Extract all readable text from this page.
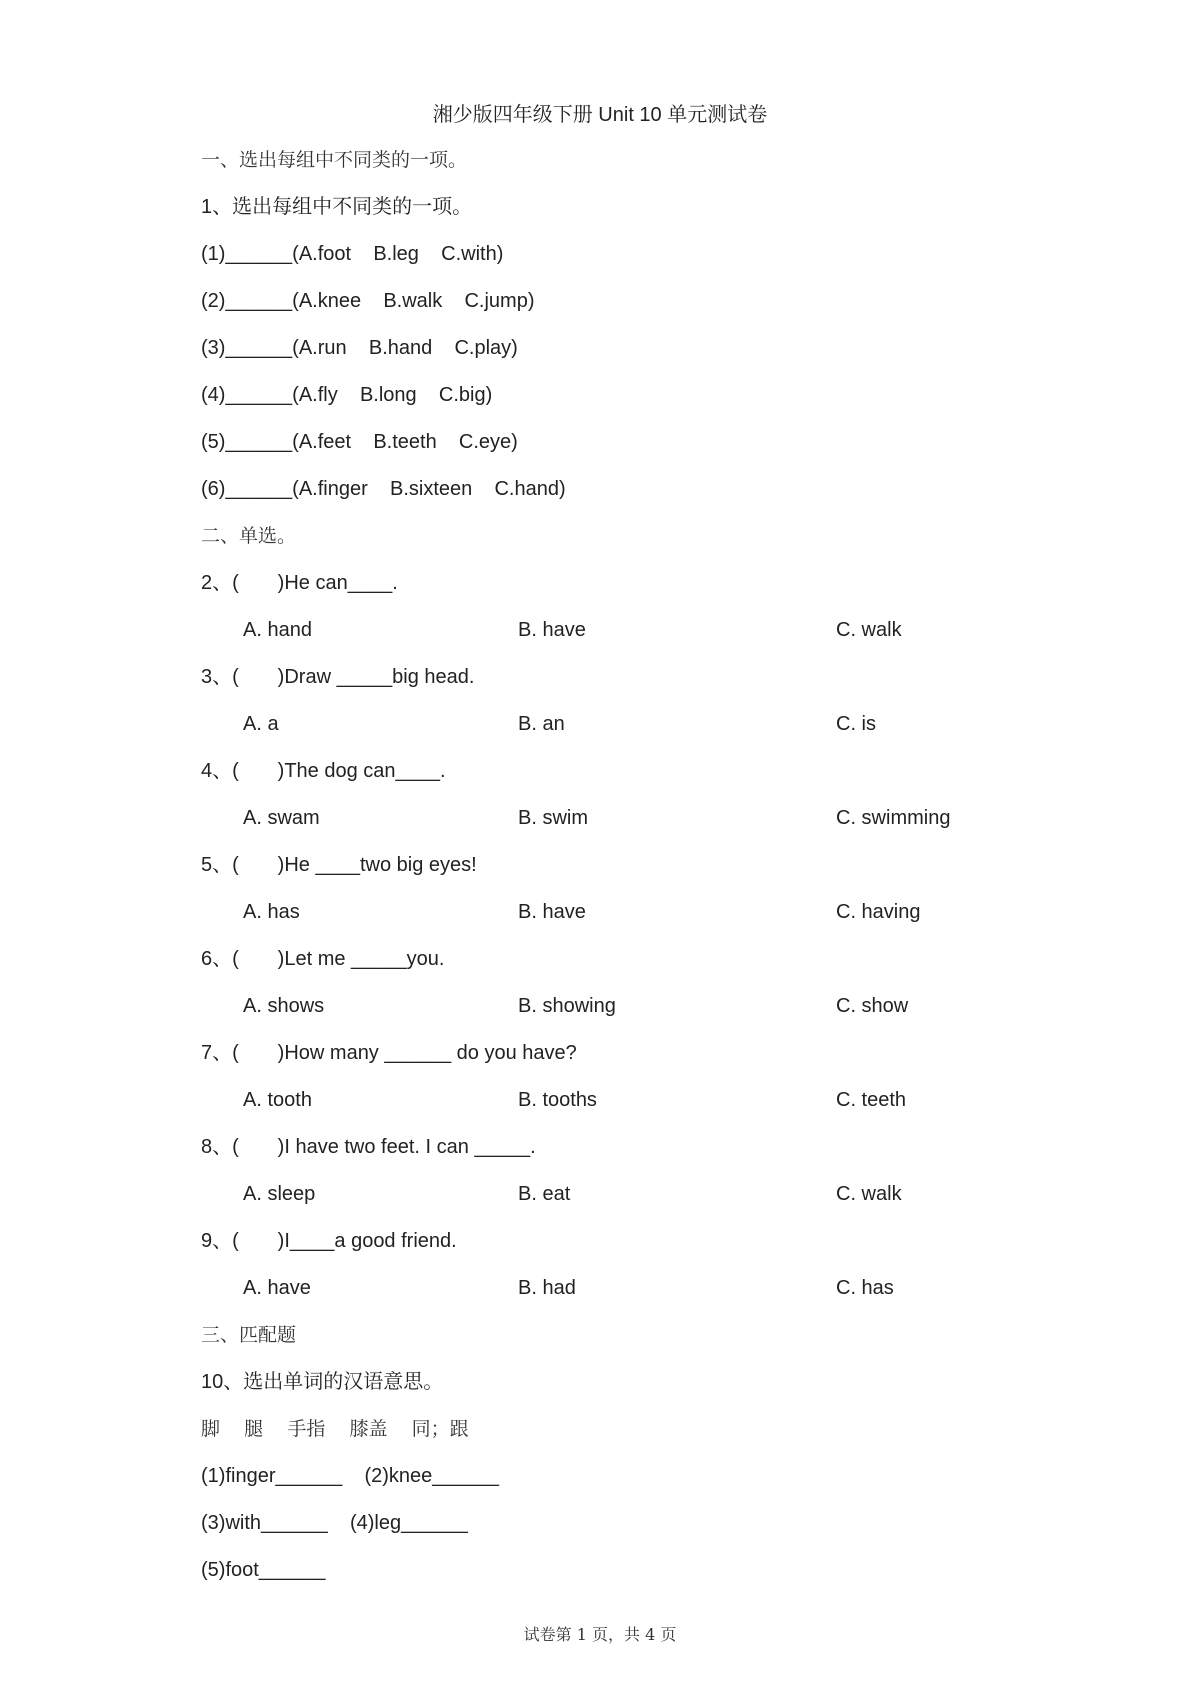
湘少版四年级下册 Unit 10 单元测试卷
一、选出每组中不同类的一项。
1、选出每组中不同类的一项。
(1)______(A.foot    B.leg    C.with)
(2)______(A.knee    B.walk    C.jump)
(3)______(A.run    B.hand    C.play)
(4)______(A.fly    B.long    C.big)
(5)______(A.feet    B.teeth    C.eye)
(6)______(A.finger    B.sixteen    C.hand)
二、单选。
2、(       )He can____.
A. hand	B. have	C. walk
3、(       )Draw _____big head.
A. a	B. an	C. is
4、(       )The dog can____.
A. swam	B. swim	C. swimming
5、(       )He ____two big eyes!
A. has	B. have	C. having
6、(       )Let me _____you.
A. shows	B. showing	C. show
7、(       )How many ______ do you have?
A. tooth	B. tooths	C. teeth
8、(       )I have two feet. I can _____.
A. sleep	B. eat	C. walk
9、(       )I____a good friend.
A. have	B. had	C. has
三、匹配题
10、选出单词的汉语意思。
脚    腿    手指    膝盖    同；跟
(1)finger______    (2)knee______
(3)with______    (4)leg______
(5)foot______
试卷第 1 页，共 4 页
